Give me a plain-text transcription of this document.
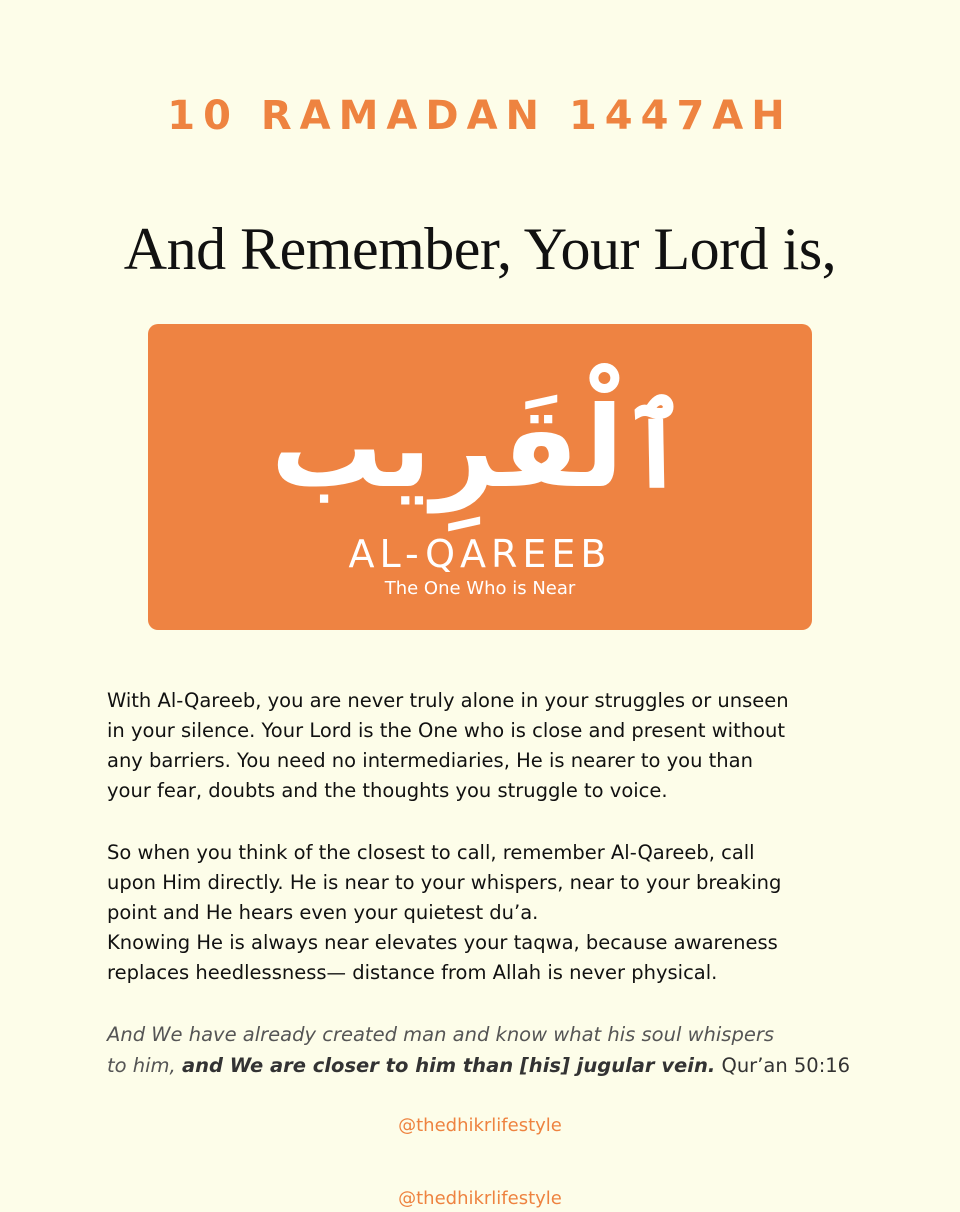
10 RAMADAN 1447AH
And Remember, Your Lord is,
ٱلْقَرِيب
AL-QAREEB
The One Who is Near

With Al-Qareeb, you are never truly alone in your struggles or unseen
in your silence. Your Lord is the One who is close and present without
any barriers. You need no intermediaries, He is nearer to you than
your fear, doubts and the thoughts you struggle to voice.

So when you think of the closest to call, remember Al-Qareeb, call
upon Him directly. He is near to your whispers, near to your breaking
point and He hears even your quietest du’a.
Knowing He is always near elevates your taqwa, because awareness
replaces heedlessness— distance from Allah is never physical.

And We have already created man and know what his soul whispers
to him, and We are closer to him than [his] jugular vein. Qur’an 50:16

@thedhikrlifestyle
@thedhikrlifestyle
